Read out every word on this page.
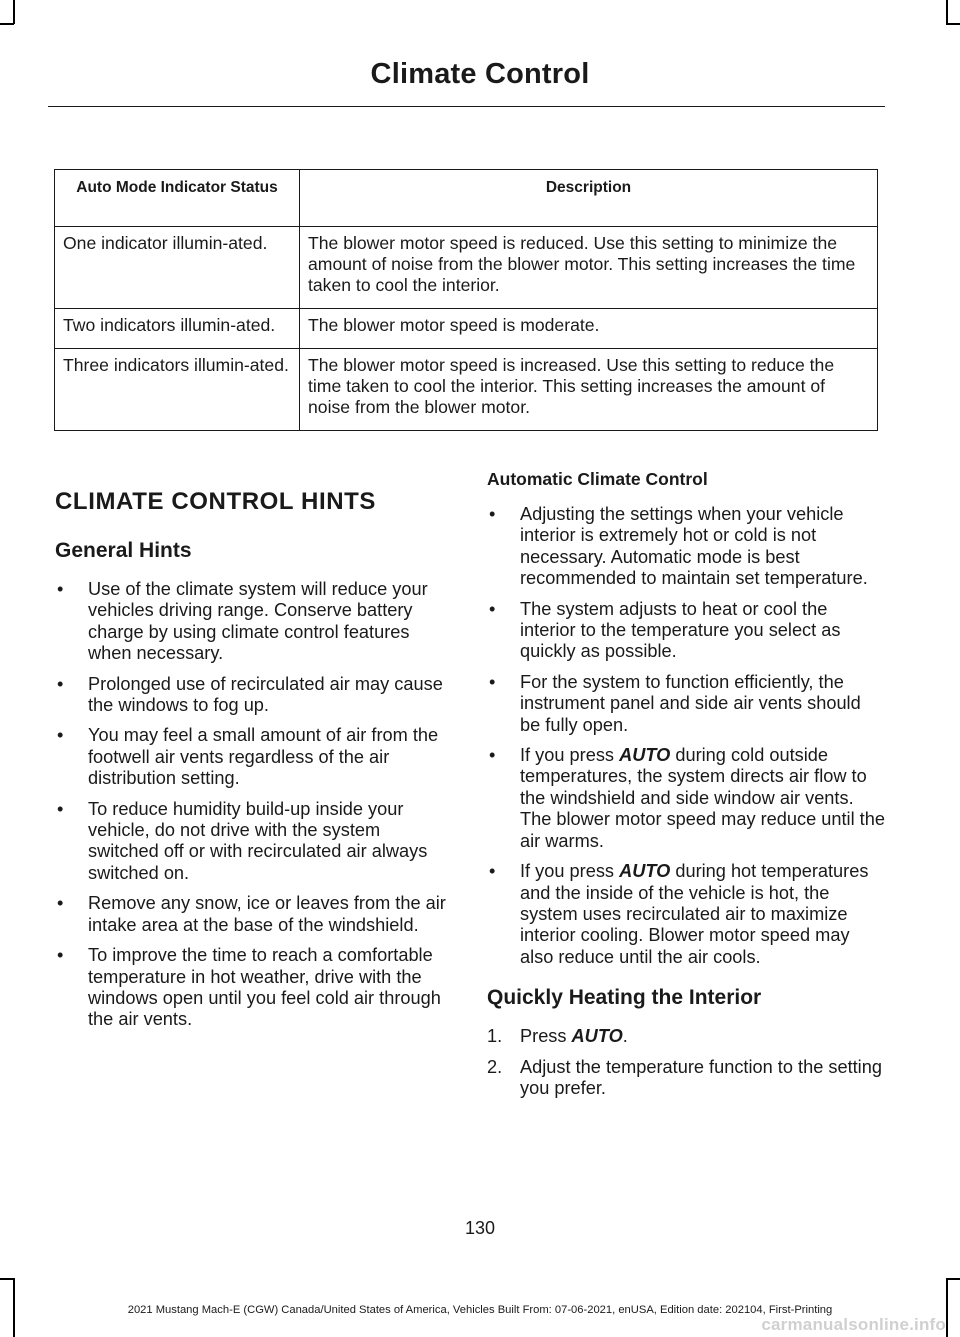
Climate Control
Auto Mode Indicator Status	Description
One indicator illumin-ated.	The blower motor speed is reduced. Use this setting to minimize the amount of noise from the blower motor. This setting increases the time taken to cool the interior.
Two indicators illumin-ated.	The blower motor speed is moderate.
Three indicators illumin-ated.	The blower motor speed is increased. Use this setting to reduce the time taken to cool the interior. This setting increases the amount of noise from the blower motor.
CLIMATE CONTROL HINTS
General Hints
• Use of the climate system will reduce your vehicles driving range. Conserve battery charge by using climate control features when necessary.
• Prolonged use of recirculated air may cause the windows to fog up.
• You may feel a small amount of air from the footwell air vents regardless of the air distribution setting.
• To reduce humidity build-up inside your vehicle, do not drive with the system switched off or with recirculated air always switched on.
• Remove any snow, ice or leaves from the air intake area at the base of the windshield.
• To improve the time to reach a comfortable temperature in hot weather, drive with the windows open until you feel cold air through the air vents.
Automatic Climate Control
• Adjusting the settings when your vehicle interior is extremely hot or cold is not necessary. Automatic mode is best recommended to maintain set temperature.
• The system adjusts to heat or cool the interior to the temperature you select as quickly as possible.
• For the system to function efficiently, the instrument panel and side air vents should be fully open.
• If you press AUTO during cold outside temperatures, the system directs air flow to the windshield and side window air vents. The blower motor speed may reduce until the air warms.
• If you press AUTO during hot temperatures and the inside of the vehicle is hot, the system uses recirculated air to maximize interior cooling. Blower motor speed may also reduce until the air cools.
Quickly Heating the Interior
1. Press AUTO.
2. Adjust the temperature function to the setting you prefer.
130
2021 Mustang Mach-E (CGW) Canada/United States of America, Vehicles Built From: 07-06-2021, enUSA, Edition date: 202104, First-Printing
carmanualsonline.info
